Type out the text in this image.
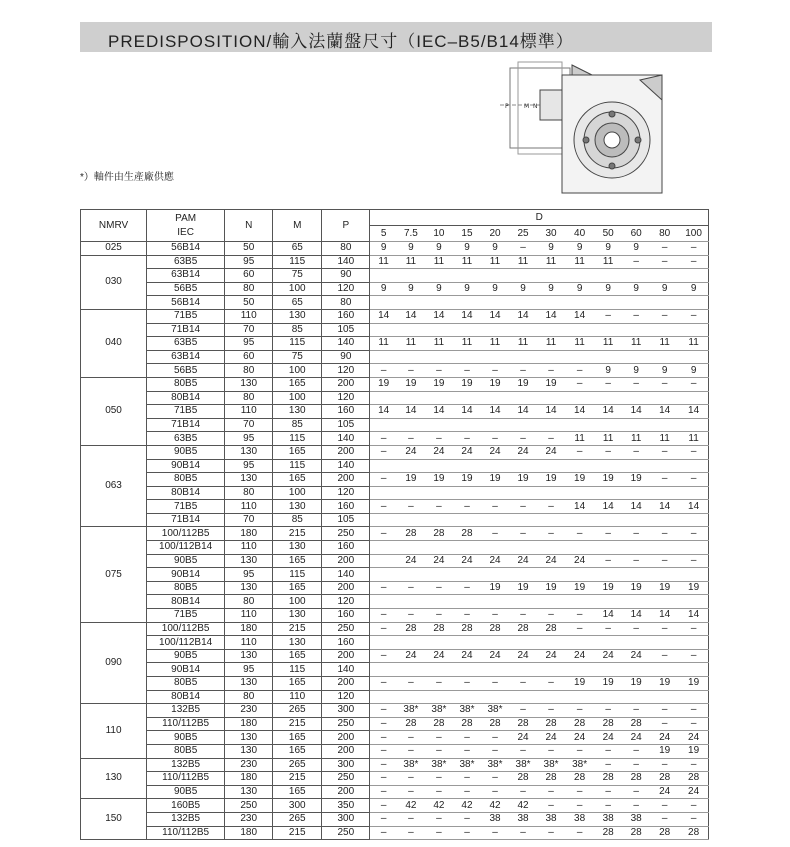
PREDISPOSITION/輸入法蘭盤尺寸（IEC–B5/B14標準）
P	M N
*）軸件由生產廠供應
NMRV	PAM
IEC	N	M	P	D											
					5	7.5	10	15	20	25	30	40	50	60	80	100
025	56B14	50	65	80	9	9	9	9	9	–	9	9	9	9	–	–
030	63B5	95	115	140	11	11	11	11	11	11	11	11	11	–	–	–
	63B14	60	75	90												
	56B5	80	100	120	9	9	9	9	9	9	9	9	9	9	9	9
	56B14	50	65	80												
040	71B5	110	130	160	14	14	14	14	14	14	14	14	–	–	–	–
	71B14	70	85	105												
	63B5	95	115	140	11	11	11	11	11	11	11	11	11	11	11	11
	63B14	60	75	90												
	56B5	80	100	120	–	–	–	–	–	–	–	–	9	9	9	9
050	80B5	130	165	200	19	19	19	19	19	19	19	–	–	–	–	–
	80B14	80	100	120												
	71B5	110	130	160	14	14	14	14	14	14	14	14	14	14	14	14
	71B14	70	85	105												
	63B5	95	115	140	–	–	–	–	–	–	–	11	11	11	11	11
063	90B5	130	165	200	–	24	24	24	24	24	24	–	–	–	–	–
	90B14	95	115	140												
	80B5	130	165	200	–	19	19	19	19	19	19	19	19	19	–	–
	80B14	80	100	120												
	71B5	110	130	160	–	–	–	–	–	–	–	14	14	14	14	14
	71B14	70	85	105												
075	100/112B5	180	215	250	–	28	28	28	–	–	–	–	–	–	–	–
	100/112B14	110	130	160												
	90B5	130	165	200		24	24	24	24	24	24	24	–	–	–	–
	90B14	95	115	140												
	80B5	130	165	200	–	–	–	–	19	19	19	19	19	19	19	19
	80B14	80	100	120												
	71B5	110	130	160	–	–	–	–	–	–	–	–	14	14	14	14
090	100/112B5	180	215	250	–	28	28	28	28	28	28	–	–	–	–	–
	100/112B14	110	130	160												
	90B5	130	165	200	–	24	24	24	24	24	24	24	24	24	–	–
	90B14	95	115	140												
	80B5	130	165	200	–	–	–	–	–	–	–	19	19	19	19	19
	80B14	80	110	120												
110	132B5	230	265	300	–	38*	38*	38*	38*	–	–	–	–	–	–	–
	110/112B5	180	215	250	–	28	28	28	28	28	28	28	28	28	–	–
	90B5	130	165	200	–	–	–	–	–	24	24	24	24	24	24	24
	80B5	130	165	200	–	–	–	–	–	–	–	–	–	–	19	19
130	132B5	230	265	300	–	38*	38*	38*	38*	38*	38*	38*	–	–	–	–
	110/112B5	180	215	250	–	–	–	–	–	28	28	28	28	28	28	28
	90B5	130	165	200	–	–	–	–	–	–	–	–	–	–	24	24
150	160B5	250	300	350	–	42	42	42	42	42	–	–	–	–	–	–
	132B5	230	265	300	–	–	–	–	38	38	38	38	38	38	–	–
	110/112B5	180	215	250	–	–	–	–	–	–	–	–	28	28	28	28
